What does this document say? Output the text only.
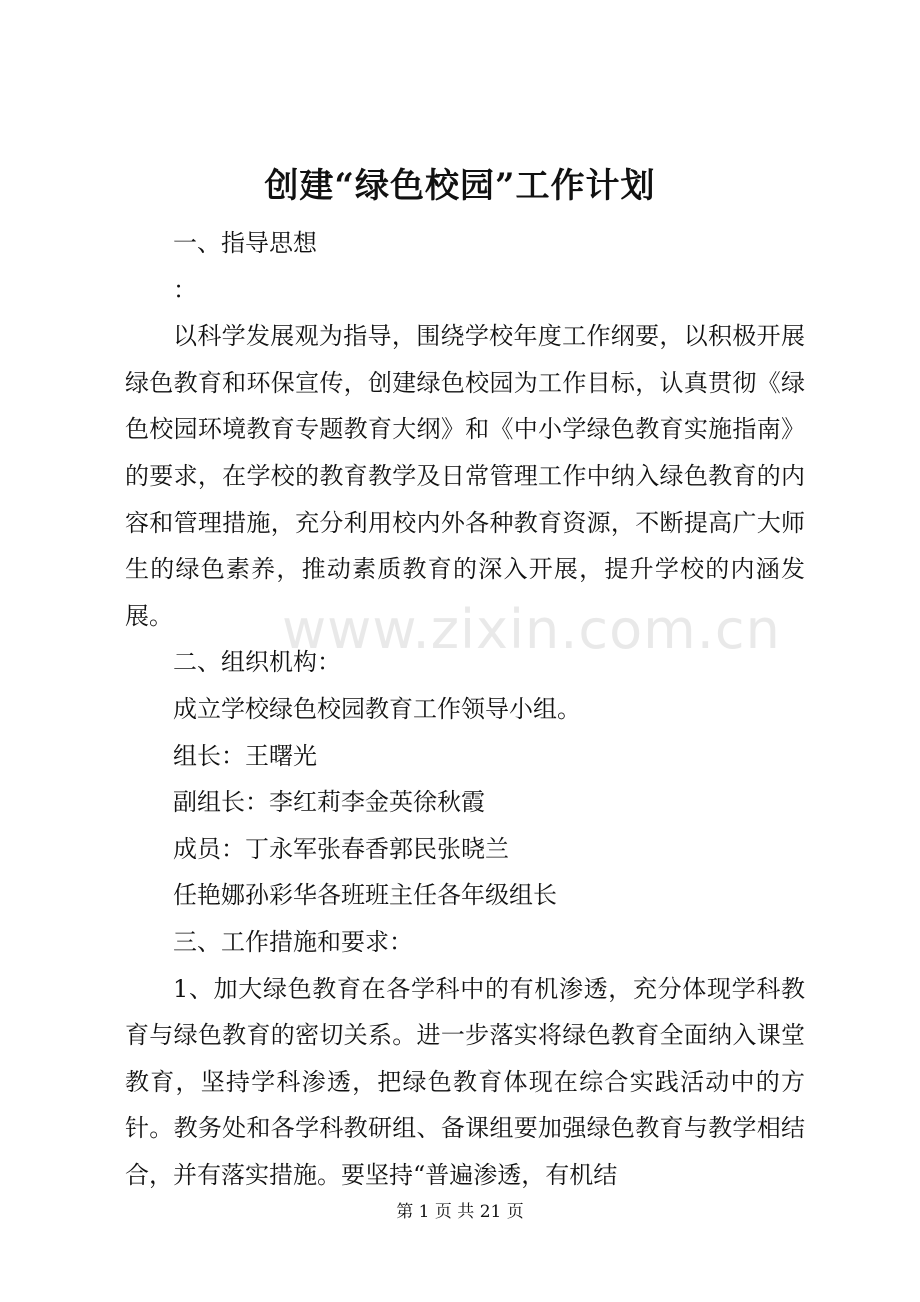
创建“绿色校园”工作计划

一、指导思想

：

以科学发展观为指导，围绕学校年度工作纲要，以积极开展绿色教育和环保宣传，创建绿色校园为工作目标，认真贯彻《绿色校园环境教育专题教育大纲》和《中小学绿色教育实施指南》的要求，在学校的教育教学及日常管理工作中纳入绿色教育的内容和管理措施，充分利用校内外各种教育资源，不断提高广大师生的绿色素养，推动素质教育的深入开展，提升学校的内涵发展。

二、组织机构：

成立学校绿色校园教育工作领导小组。

组长：王曙光

副组长：李红莉李金英徐秋霞

成员：丁永军张春香郭民张晓兰

任艳娜孙彩华各班班主任各年级组长

三、工作措施和要求：

1、加大绿色教育在各学科中的有机渗透，充分体现学科教育与绿色教育的密切关系。进一步落实将绿色教育全面纳入课堂教育，坚持学科渗透，把绿色教育体现在综合实践活动中的方针。教务处和各学科教研组、备课组要加强绿色教育与教学相结合，并有落实措施。要坚持“普遍渗透，有机结

www.zixin.com.cn
第 1 页 共 21 页
